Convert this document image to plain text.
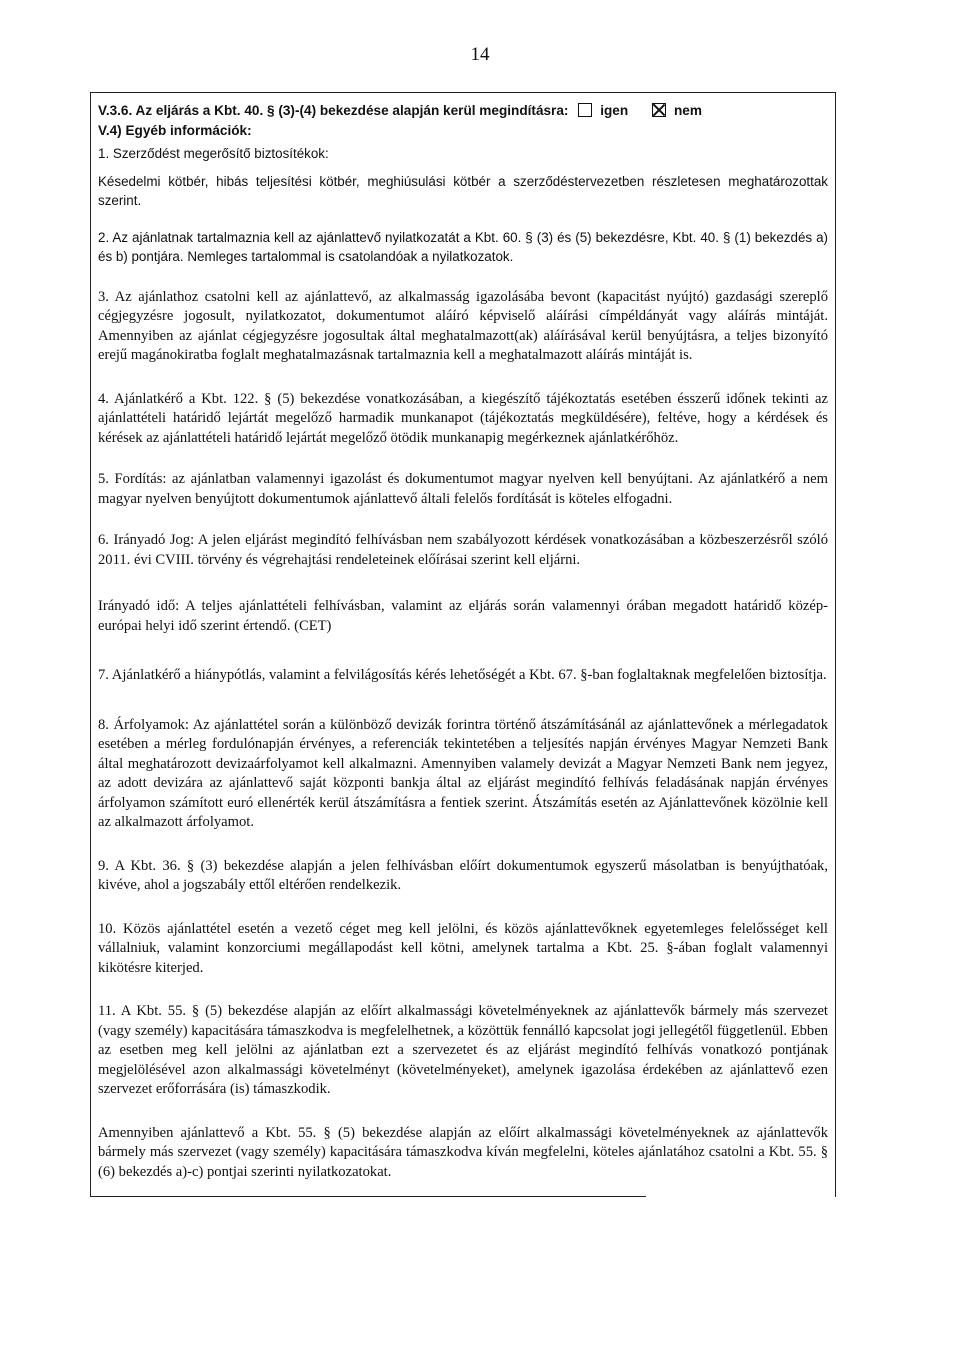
14
V.3.6. Az eljárás a Kbt. 40. § (3)-(4) bekezdése alapján kerül megindításra: igen	nem
V.4) Egyéb információk:

1. Szerződést megerősítő biztosítékok:

Késedelmi kötbér, hibás teljesítési kötbér, meghiúsulási kötbér a szerződéstervezetben részletesen meghatározottak szerint.

2. Az ajánlatnak tartalmaznia kell az ajánlattevő nyilatkozatát a Kbt. 60. § (3) és (5) bekezdésre, Kbt. 40. § (1) bekezdés a) és b) pontjára. Nemleges tartalommal is csatolandóak a nyilatkozatok.

3. Az ajánlathoz csatolni kell az ajánlattevő, az alkalmasság igazolásába bevont (kapacitást nyújtó) gazdasági szereplő cégjegyzésre jogosult, nyilatkozatot, dokumentumot aláíró képviselő aláírási címpéldányát vagy aláírás mintáját. Amennyiben az ajánlat cégjegyzésre jogosultak által meghatalmazott(ak) aláírásával kerül benyújtásra, a teljes bizonyító erejű magánokiratba foglalt meghatalmazásnak tartalmaznia kell a meghatalmazott aláírás mintáját is.

4. Ajánlatkérő a Kbt. 122. § (5) bekezdése vonatkozásában, a kiegészítő tájékoztatás esetében ésszerű időnek tekinti az ajánlattételi határidő lejártát megelőző harmadik munkanapot (tájékoztatás megküldésére), feltéve, hogy a kérdések és kérések az ajánlattételi határidő lejártát megelőző ötödik munkanapig megérkeznek ajánlatkérőhöz.

5. Fordítás: az ajánlatban valamennyi igazolást és dokumentumot magyar nyelven kell benyújtani. Az ajánlatkérő a nem magyar nyelven benyújtott dokumentumok ajánlattevő általi felelős fordítását is köteles elfogadni.

6. Irányadó Jog: A jelen eljárást megindító felhívásban nem szabályozott kérdések vonatkozásában a közbeszerzésről szóló 2011. évi CVIII. törvény és végrehajtási rendeleteinek előírásai szerint kell eljárni.

Irányadó idő: A teljes ajánlattételi felhívásban, valamint az eljárás során valamennyi órában megadott határidő közép-európai helyi idő szerint értendő. (CET)

7. Ajánlatkérő a hiánypótlás, valamint a felvilágosítás kérés lehetőségét a Kbt. 67. §-ban foglaltaknak megfelelően biztosítja.

8. Árfolyamok: Az ajánlattétel során a különböző devizák forintra történő átszámításánál az ajánlattevőnek a mérlegadatok esetében a mérleg fordulónapján érvényes, a referenciák tekintetében a teljesítés napján érvényes Magyar Nemzeti Bank által meghatározott devizaárfolyamot kell alkalmazni. Amennyiben valamely devizát a Magyar Nemzeti Bank nem jegyez, az adott devizára az ajánlattevő saját központi bankja által az eljárást megindító felhívás feladásának napján érvényes árfolyamon számított euró ellenérték kerül átszámításra a fentiek szerint. Átszámítás esetén az Ajánlattevőnek közölnie kell az alkalmazott árfolyamot.

9. A Kbt. 36. § (3) bekezdése alapján a jelen felhívásban előírt dokumentumok egyszerű másolatban is benyújthatóak, kivéve, ahol a jogszabály ettől eltérően rendelkezik.

10. Közös ajánlattétel esetén a vezető céget meg kell jelölni, és közös ajánlattevőknek egyetemleges felelősséget kell vállalniuk, valamint konzorciumi megállapodást kell kötni, amelynek tartalma a Kbt. 25. §-ában foglalt valamennyi kikötésre kiterjed.

11. A Kbt. 55. § (5) bekezdése alapján az előírt alkalmassági követelményeknek az ajánlattevők bármely más szervezet (vagy személy) kapacitására támaszkodva is megfelelhetnek, a közöttük fennálló kapcsolat jogi jellegétől függetlenül. Ebben az esetben meg kell jelölni az ajánlatban ezt a szervezetet és az eljárást megindító felhívás vonatkozó pontjának megjelölésével azon alkalmassági követelményt (követelményeket), amelynek igazolása érdekében az ajánlattevő ezen szervezet erőforrására (is) támaszkodik.

Amennyiben ajánlattevő a Kbt. 55. § (5) bekezdése alapján az előírt alkalmassági követelményeknek az ajánlattevők bármely más szervezet (vagy személy) kapacitására támaszkodva kíván megfelelni, köteles ajánlatához csatolni a Kbt. 55. § (6) bekezdés a)-c) pontjai szerinti nyilatkozatokat.
